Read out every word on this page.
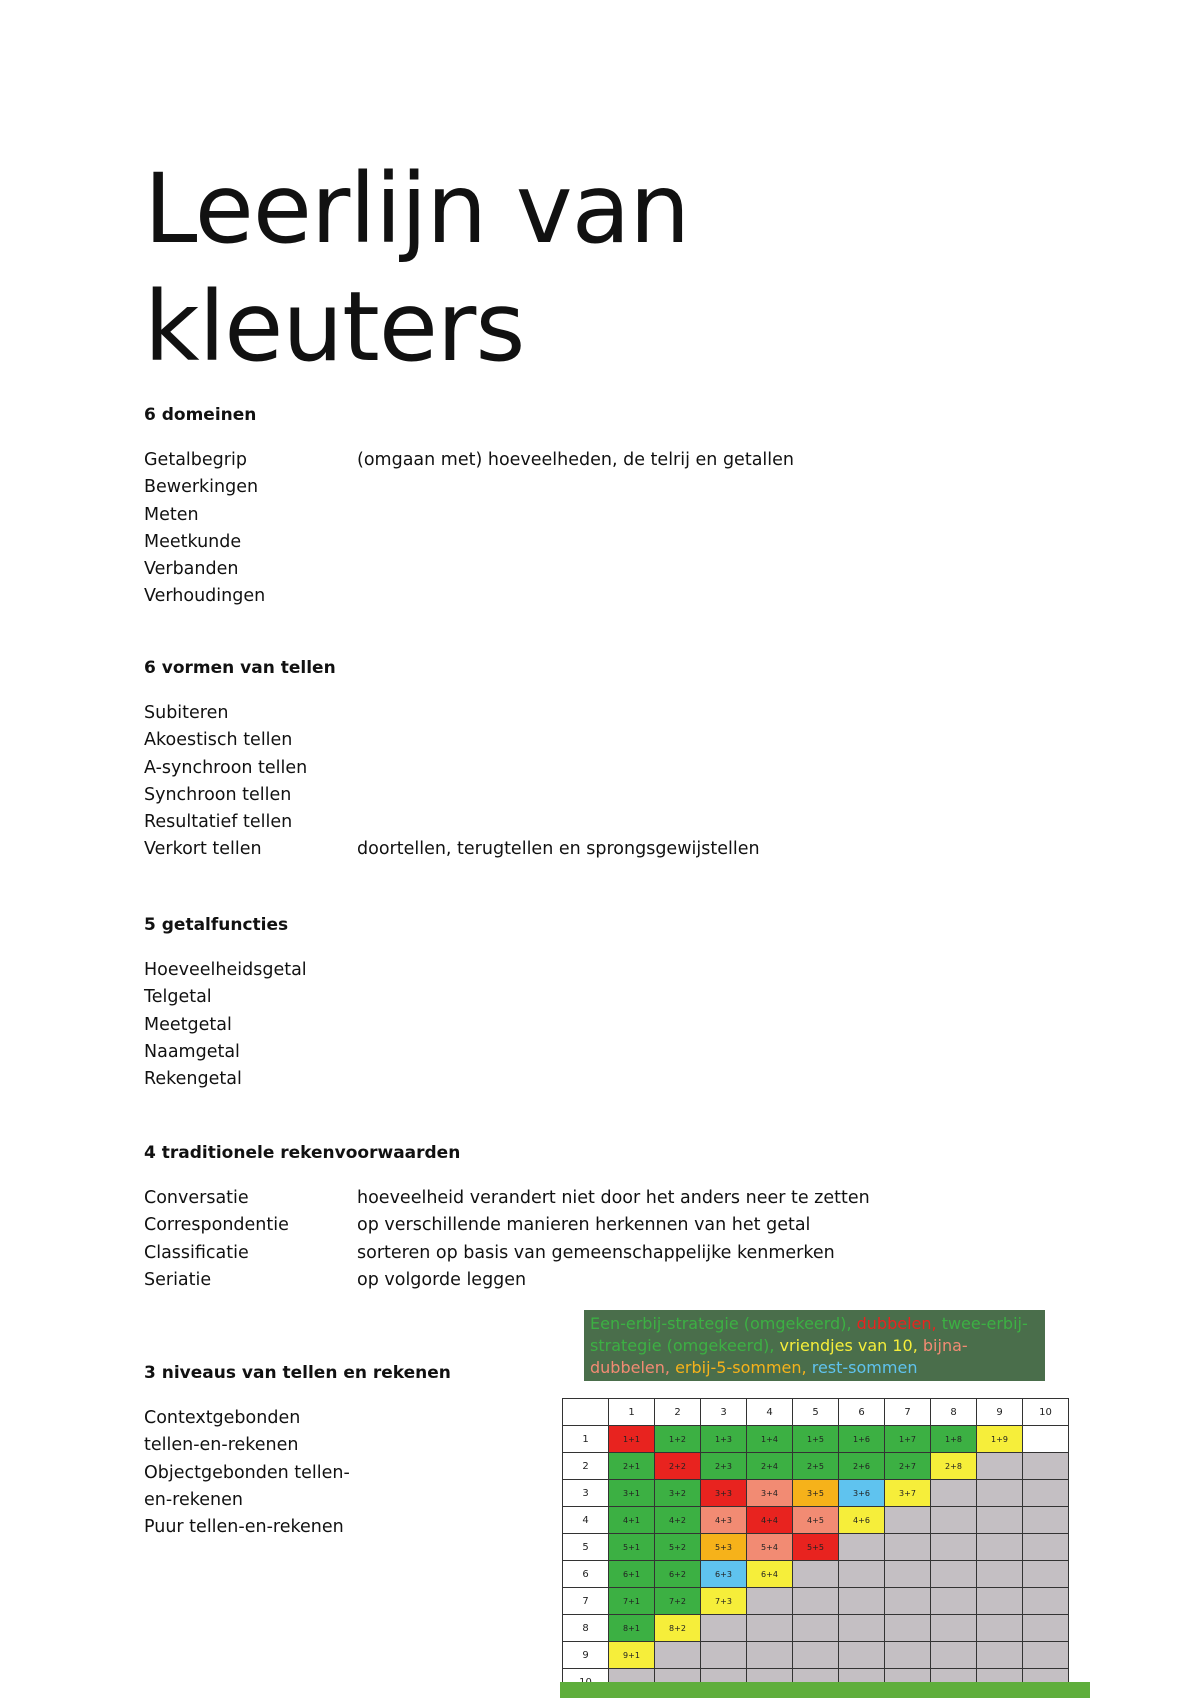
Leerlijn van
kleuters
6 domeinen
Getalbegrip	(omgaan met) hoeveelheden, de telrij en getallen
Bewerkingen
Meten
Meetkunde
Verbanden
Verhoudingen
6 vormen van tellen
Subiteren
Akoestisch tellen
A-synchroon tellen
Synchroon tellen
Resultatief tellen
Verkort tellen	doortellen, terugtellen en sprongsgewijstellen
5 getalfuncties
Hoeveelheidsgetal
Telgetal
Meetgetal
Naamgetal
Rekengetal
4 traditionele rekenvoorwaarden
Conversatie	hoeveelheid verandert niet door het anders neer te zetten
Correspondentie	op verschillende manieren herkennen van het getal
Classificatie	sorteren op basis van gemeenschappelijke kenmerken
Seriatie	op volgorde leggen
3 niveaus van tellen en rekenen
Contextgebonden tellen-en-rekenen
Objectgebonden tellen-en-rekenen
Puur tellen-en-rekenen
Een-erbij-strategie (omgekeerd), dubbelen, twee-erbij-strategie (omgekeerd), vriendjes van 10, bijna-dubbelen, erbij-5-sommen, rest-sommen
	1	2	3	4	5	6	7	8	9	10
1	1+1	1+2	1+3	1+4	1+5	1+6	1+7	1+8	1+9	
2	2+1	2+2	2+3	2+4	2+5	2+6	2+7	2+8		
3	3+1	3+2	3+3	3+4	3+5	3+6	3+7			
4	4+1	4+2	4+3	4+4	4+5	4+6				
5	5+1	5+2	5+3	5+4	5+5					
6	6+1	6+2	6+3	6+4						
7	7+1	7+2	7+3							
8	8+1	8+2								
9	9+1									
